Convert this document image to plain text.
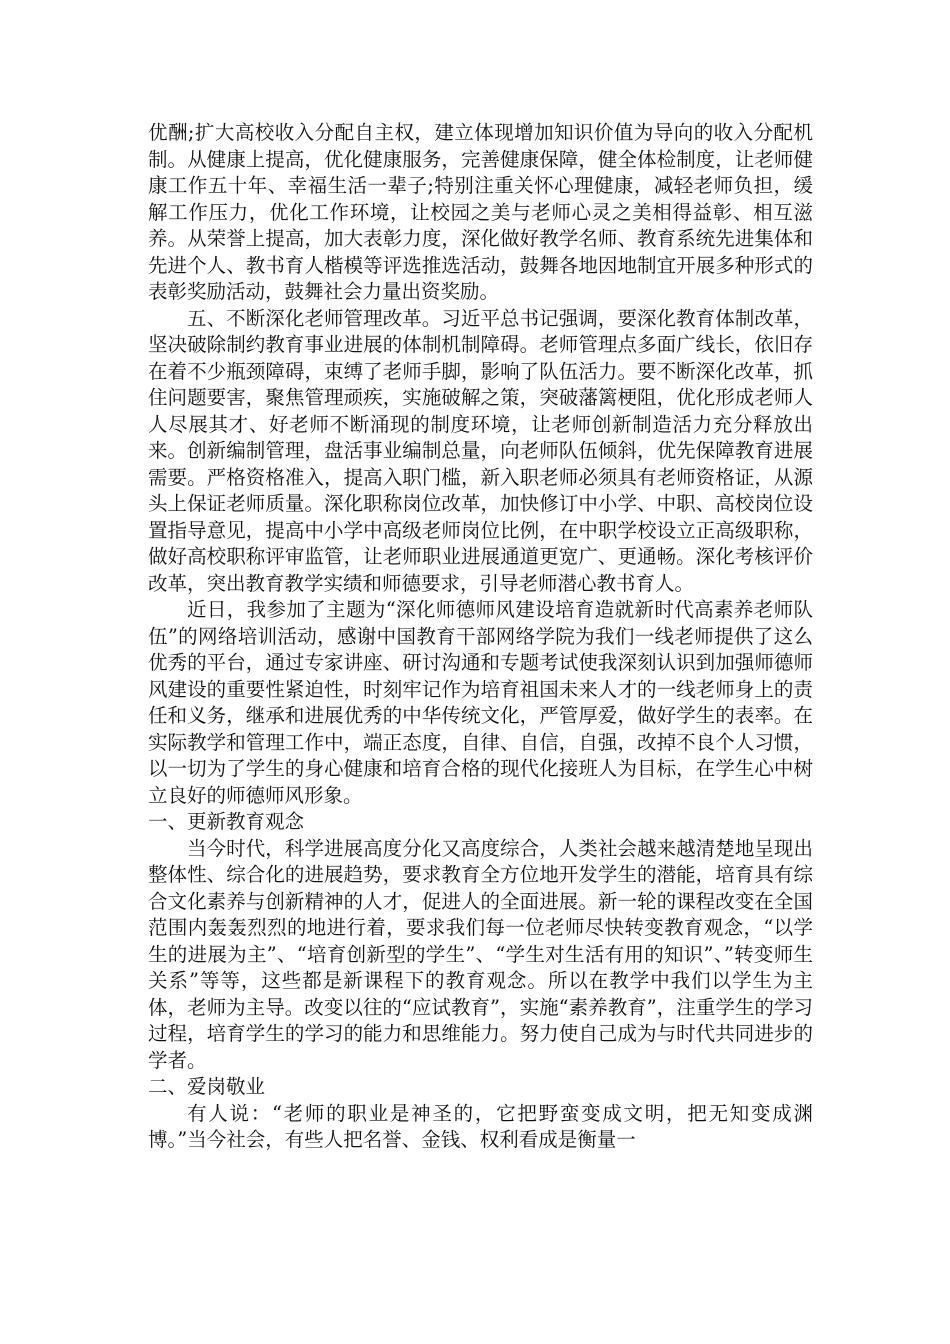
优酬;扩大高校收入分配自主权，建立体现增加知识价值为导向的收入分配机制。从健康上提高，优化健康服务，完善健康保障，健全体检制度，让老师健康工作五十年、幸福生活一辈子;特别注重关怀心理健康，减轻老师负担，缓解工作压力，优化工作环境，让校园之美与老师心灵之美相得益彰、相互滋养。从荣誉上提高，加大表彰力度，深化做好教学名师、教育系统先进集体和先进个人、教书育人楷模等评选推选活动，鼓舞各地因地制宜开展多种形式的表彰奖励活动，鼓舞社会力量出资奖励。

五、不断深化老师管理改革。习近平总书记强调，要深化教育体制改革，坚决破除制约教育事业进展的体制机制障碍。老师管理点多面广线长，依旧存在着不少瓶颈障碍，束缚了老师手脚，影响了队伍活力。要不断深化改革，抓住问题要害，聚焦管理顽疾，实施破解之策，突破藩篱梗阻，优化形成老师人人尽展其才、好老师不断涌现的制度环境，让老师创新制造活力充分释放出来。创新编制管理，盘活事业编制总量，向老师队伍倾斜，优先保障教育进展需要。严格资格准入，提高入职门槛，新入职老师必须具有老师资格证，从源头上保证老师质量。深化职称岗位改革，加快修订中小学、中职、高校岗位设置指导意见，提高中小学中高级老师岗位比例，在中职学校设立正高级职称，做好高校职称评审监管，让老师职业进展通道更宽广、更通畅。深化考核评价改革，突出教育教学实绩和师德要求，引导老师潜心教书育人。

近日，我参加了主题为“深化师德师风建设培育造就新时代高素养老师队伍”的网络培训活动，感谢中国教育干部网络学院为我们一线老师提供了这么优秀的平台，通过专家讲座、研讨沟通和专题考试使我深刻认识到加强师德师风建设的重要性紧迫性，时刻牢记作为培育祖国未来人才的一线老师身上的责任和义务，继承和进展优秀的中华传统文化，严管厚爱，做好学生的表率。在实际教学和管理工作中，端正态度，自律、自信，自强，改掉不良个人习惯，以一切为了学生的身心健康和培育合格的现代化接班人为目标，在学生心中树立良好的师德师风形象。

一、更新教育观念

当今时代，科学进展高度分化又高度综合，人类社会越来越清楚地呈现出整体性、综合化的进展趋势，要求教育全方位地开发学生的潜能，培育具有综合文化素养与创新精神的人才，促进人的全面进展。新一轮的课程改变在全国范围内轰轰烈烈的地进行着，要求我们每一位老师尽快转变教育观念，“以学生的进展为主”、“培育创新型的学生”、“学生对生活有用的知识”、”转变师生关系”等等，这些都是新课程下的教育观念。所以在教学中我们以学生为主体，老师为主导。改变以往的“应试教育”，实施“素养教育”，注重学生的学习过程，培育学生的学习的能力和思维能力。努力使自己成为与时代共同进步的学者。

二、爱岗敬业

有人说：“老师的职业是神圣的，它把野蛮变成文明，把无知变成渊博。”当今社会，有些人把名誉、金钱、权利看成是衡量一
